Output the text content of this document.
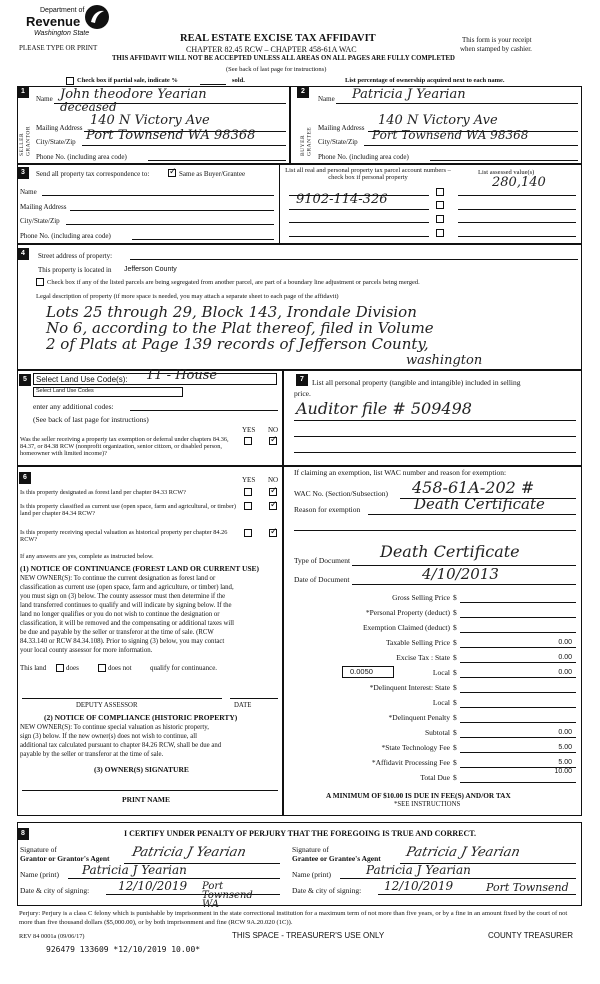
Department of
Revenue
Washington State
PLEASE TYPE OR PRINT
REAL ESTATE EXCISE TAX AFFIDAVIT
CHAPTER 82.45 RCW – CHAPTER 458-61A WAC
THIS AFFIDAVIT WILL NOT BE ACCEPTED UNLESS ALL AREAS ON ALL PAGES ARE FULLY COMPLETED
This form is your receipt
when stamped by cashier.
(See back of last page for instructions)
Check box if partial sale, indicate %	sold.	List percentage of ownership acquired next to each name.
1	2
SELLER GRANTOR	BUYER GRANTEE
Name John theodore Yearian
deceased
Mailing Address 140 N Victory Ave
City/State/Zip Port Townsend WA 98368
Phone No. (including area code)
Name Patricia J Yearian
Mailing Address 140 N Victory Ave
City/State/Zip Port Townsend WA 98368
Phone No. (including area code)
3	Send all property tax correspondence to:
✓	Same as Buyer/Grantee
Name
Mailing Address
City/State/Zip
Phone No. (including area code)
List all real and personal property tax parcel account numbers – check box if personal property
List assessed value(s)
9102-114-326
280,140
4	Street address of property:
This property is located in Jefferson County
Check box if any of the listed parcels are being segregated from another parcel, are part of a boundary line adjustment or parcels being merged.
Legal description of property (if more space is needed, you may attach a separate sheet to each page of the affidavit)
Lots 25 through 29, Block 143, Irondale Division
No 6, according to the Plat thereof, filed in Volume
2 of Plats at Page 139 records of Jefferson County,
washington
5	Select Land Use Code(s): 11 - House
Select Land Use Codes
enter any additional codes:
(See back of last page for instructions)
YES NO
Was the seller receiving a property tax exemption or deferral under chapters 84.36, 84.37, or 84.38 RCW (nonprofit organization, senior citizen, or disabled person, homeowner with limited income)?
✓
7	List all personal property (tangible and intangible) included in selling
price.
Auditor file # 509498
6	YES NO
Is this property designated as forest land per chapter 84.33 RCW?
✓
Is this property classified as current use (open space, farm and agricultural, or timber) land per chapter 84.34 RCW?
✓
Is this property receiving special valuation as historical property per chapter 84.26 RCW?
✓
If any answers are yes, complete as instructed below.
(1) NOTICE OF CONTINUANCE (FOREST LAND OR CURRENT USE)
NEW OWNER(S): To continue the current designation as forest land or
classification as current use (open space, farm and agriculture, or timber) land,
you must sign on (3) below. The county assessor must then determine if the
land transferred continues to qualify and will indicate by signing below. If the
land no longer qualifies or you do not wish to continue the designation or
classification, it will be removed and the compensating or additional taxes will
be due and payable by the seller or transferor at the time of sale. (RCW
84.33.140 or RCW 84.34.108). Prior to signing (3) below, you may contact
your local county assessor for more information.
This land	does	does not	qualify for continuance.
DEPUTY ASSESSOR	DATE
(2) NOTICE OF COMPLIANCE (HISTORIC PROPERTY)
NEW OWNER(S): To continue special valuation as historic property,
sign (3) below. If the new owner(s) does not wish to continue, all
additional tax calculated pursuant to chapter 84.26 RCW, shall be due and
payable by the seller or transferor at the time of sale.
(3) OWNER(S) SIGNATURE
PRINT NAME
If claiming an exemption, list WAC number and reason for exemption:
WAC No. (Section/Subsection) 458-61A-202 #
Reason for exemption	Death Certificate
Type of Document Death Certificate
Date of Document	4/10/2013
Gross Selling Price $
*Personal Property (deduct) $
Exemption Claimed (deduct) $
Taxable Selling Price $	0.00
Excise Tax : State $	0.00
0.0050	Local $	0.00
*Delinquent Interest: State $
Local $
*Delinquent Penalty $
Subtotal $	0.00
*State Technology Fee $	5.00
*Affidavit Processing Fee $	5.00
Total Due $
10.00
A MINIMUM OF $10.00 IS DUE IN FEE(S) AND/OR TAX
*SEE INSTRUCTIONS
8	I CERTIFY UNDER PENALTY OF PERJURY THAT THE FOREGOING IS TRUE AND CORRECT.
Signature of
Grantor or Grantor's Agent Patricia J Yearian
Name (print) Patricia J Yearian
Date & city of signing: 12/10/2019 Port Townsend WA
Signature of
Grantee or Grantee's Agent Patricia J Yearian
Name (print)	Patricia J Yearian
Date & city of signing: 12/10/2019	Port Townsend
Perjury: Perjury is a class C felony which is punishable by imprisonment in the state correctional institution for a maximum term of not more than five years, or by a fine in an amount fixed by the court of not more than five thousand dollars ($5,000.00), or by both imprisonment and fine (RCW 9A.20.020 (1C)).
REV 84 0001a (09/06/17)	THIS SPACE - TREASURER'S USE ONLY	COUNTY TREASURER
926479 133609 *12/10/2019 10.00*
